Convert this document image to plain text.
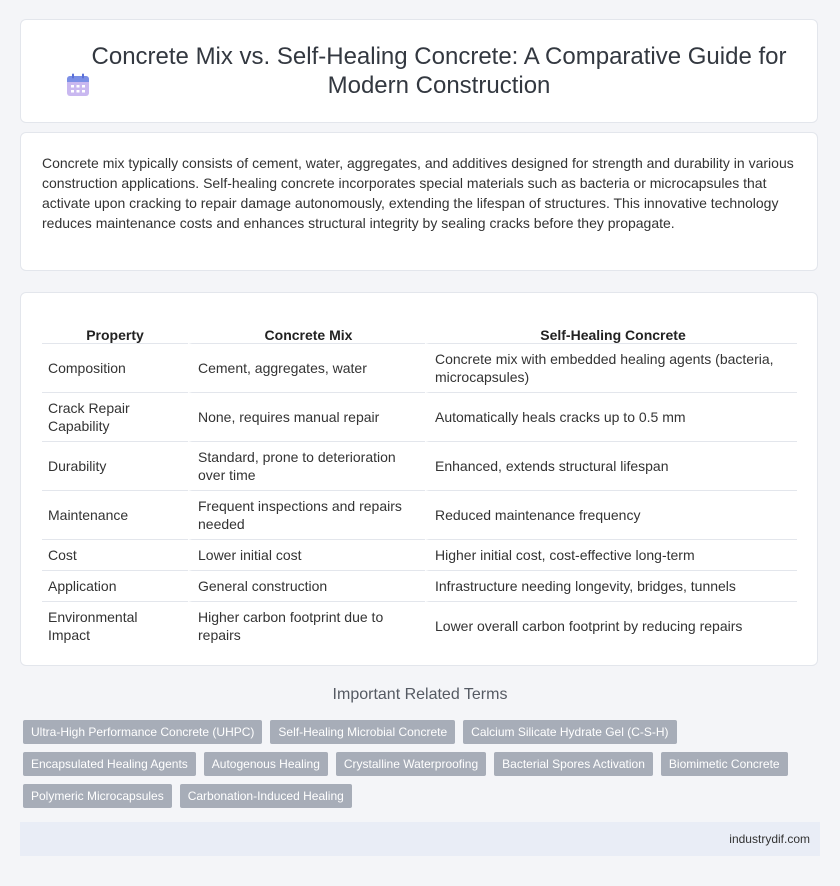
Concrete Mix vs. Self-Healing Concrete: A Comparative Guide for Modern Construction

Concrete mix typically consists of cement, water, aggregates, and additives designed for strength and durability in various construction applications. Self-healing concrete incorporates special materials such as bacteria or microcapsules that activate upon cracking to repair damage autonomously, extending the lifespan of structures. This innovative technology reduces maintenance costs and enhances structural integrity by sealing cracks before they propagate.

Property	Concrete Mix	Self-Healing Concrete
Composition	Cement, aggregates, water	Concrete mix with embedded healing agents (bacteria, microcapsules)
Crack Repair Capability	None, requires manual repair	Automatically heals cracks up to 0.5 mm
Durability	Standard, prone to deterioration over time	Enhanced, extends structural lifespan
Maintenance	Frequent inspections and repairs needed	Reduced maintenance frequency
Cost	Lower initial cost	Higher initial cost, cost-effective long-term
Application	General construction	Infrastructure needing longevity, bridges, tunnels
Environmental Impact	Higher carbon footprint due to repairs	Lower overall carbon footprint by reducing repairs
Important Related Terms
Ultra-High Performance Concrete (UHPC)	Self-Healing Microbial Concrete	Calcium Silicate Hydrate Gel (C-S-H)
Encapsulated Healing Agents	Autogenous Healing	Crystalline Waterproofing	Bacterial Spores Activation	Biomimetic Concrete
Polymeric Microcapsules	Carbonation-Induced Healing
industrydif.com
